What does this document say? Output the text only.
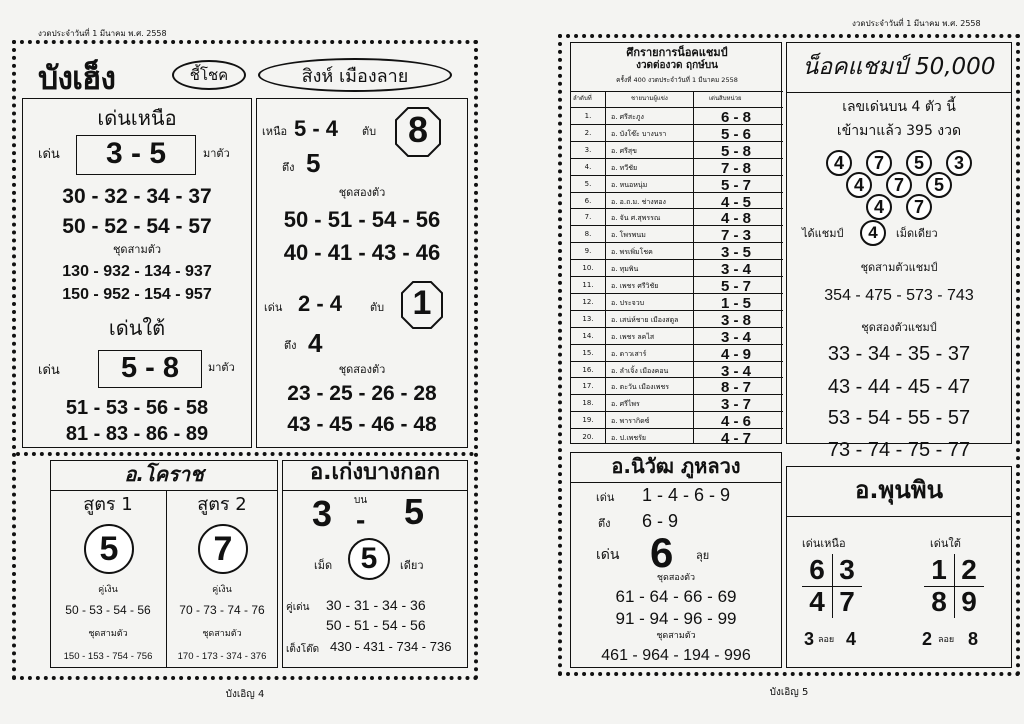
งวดประจำวันที่ 1 มีนาคม พ.ศ. 2558
บังเฮ็ง	ชี้โชค	สิงห์ เมืองลาย
เด่นเหนือ
เด่น	3 - 5	มาตัว
30 - 32 - 34 - 37
50 - 52 - 54 - 57
ชุดสามตัว
130 - 932 - 134 - 937
150 - 952 - 154 - 957
เด่นใต้
เด่น	5 - 8	มาตัว
51 - 53 - 56 - 58
81 - 83 - 86 - 89
เหนือ 5 - 4 ตับ 8
ตึง 5
ชุดสองตัว
50 - 51 - 54 - 56
40 - 41 - 43 - 46
เด่น 2 - 4	ตับ 1
ตึง 4
ชุดสองตัว
23 - 25 - 26 - 28
43 - 45 - 46 - 48
อ.โคราช
สูตร 1	สูตร 2
5	7
คู่เงิน	คู่เงิน
50 - 53 - 54 - 56	70 - 73 - 74 - 76
ชุดสามตัว	ชุดสามตัว
150 - 153 - 754 - 756	170 - 173 - 374 - 376
อ.เก่งบางกอก
3 บน
- 5
เม็ด 5 เดียว
คู่เด่น 30 - 31 - 34 - 36
50 - 51 - 54 - 56
เต็งโต๊ด 430 - 431 - 734 - 736
บังเอิญ 4
งวดประจำวันที่ 1 มีนาคม พ.ศ. 2558
ศึกรายการน็อคแชมป์
งวดต่องวด ฤกษ์บน
ครั้งที่ 400 งวดประจำวันที่ 1 มีนาคม 2558
ลำดับที่	ชายนามผู้แข่ง	เด่นสิบหน่วย
1.	อ. ศรีสะภูง	6 - 8
2.	อ. บังโซ๊ะ บางนรา	5 - 6
3.	อ. ศรีสุข	5 - 8
4.	อ. ทวีชัย	7 - 8
5.	อ. หนอหนุ่ม	5 - 7
6.	อ. อ.ถ.ม. ช่างทอง	4 - 5
7.	อ. จัน ศ.สุพรรณ	4 - 8
8.	อ. โพรพนม	7 - 3
9.	อ. พรเพิ่มโชค	3 - 5
10.	อ. ทุมพิน	3 - 4
11.	อ. เพชร ศรีวิชัย	5 - 7
12.	อ. ประจวบ	1 - 5
13.	อ. เสน่ห์ชาย เมืองสตูล	3 - 8
14.	อ. เพชร ลคไส	3 - 4
15.	อ. ดาวเสาร์	4 - 9
16.	อ. ลำเจิ้ง เมืองคอน	3 - 4
17.	อ. ตะวัน เมืองเพชร	8 - 7
18.	อ. ศรีไพร	3 - 7
19.	อ. พารากิดซ์	4 - 6
20.	อ. ป.เพชรัย	4 - 7
น็อคแชมป์ 50,000
เลขเด่นบน 4 ตัว นี้
เข้ามาแล้ว 395 งวด
4 7 5 3
4 7 5
4 7
ได้แชมป์ 4 เม็ดเดียว
ชุดสามตัวแชมป์
354 - 475 - 573 - 743
ชุดสองตัวแชมป์
33 - 34 - 35 - 37
43 - 44 - 45 - 47
53 - 54 - 55 - 57
73 - 74 - 75 - 77
อ.นิวัฒ ภูหลวง
เด่น 1 - 4 - 6 - 9
ตึง 6 - 9
เด่น 6 ลุย
ชุดสองตัว
61 - 64 - 66 - 69
91 - 94 - 96 - 99
ชุดสามตัว
461 - 964 - 194 - 996
อ.พุนพิน
เด่นเหนือ	เด่นใต้
6 3
4 7
1 2
8 9
3 ลอย 4	2 ลอย 8
บังเอิญ 5
